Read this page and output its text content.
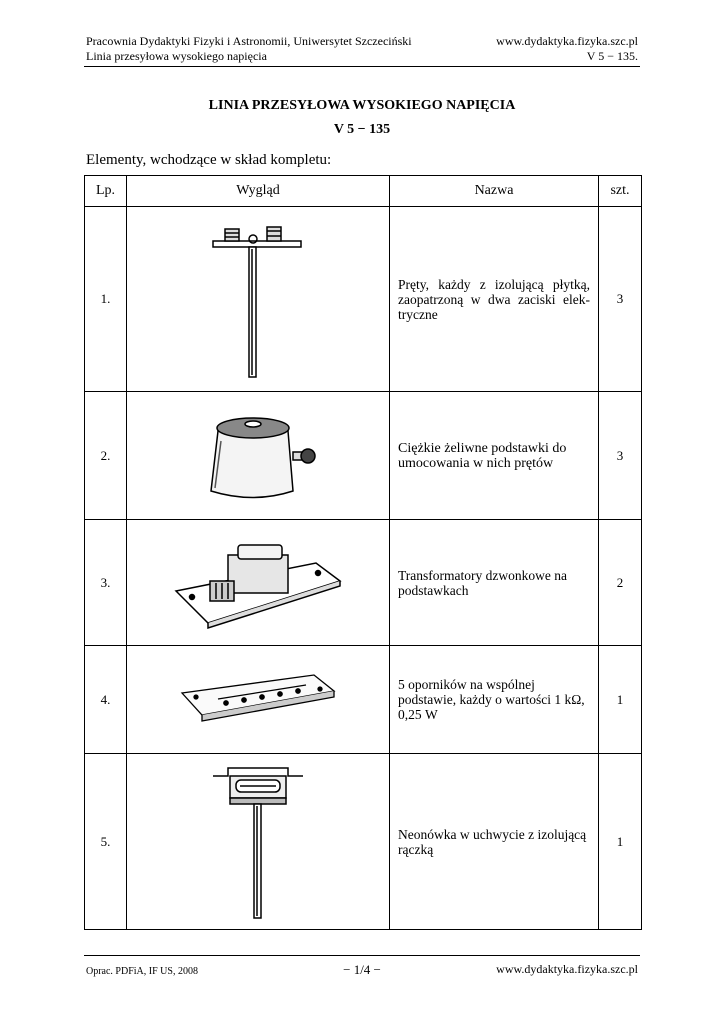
Pracownia Dydaktyki Fizyki i Astronomii, Uniwersytet Szczeciński
Linia przesyłowa wysokiego napięcia
www.dydaktyka.fizyka.szc.pl
V 5 − 135.
LINIA PRZESYŁOWA WYSOKIEGO NAPIĘCIA
V 5 − 135
Elementy, wchodzące w skład kompletu:
Lp.	Wygląd	Nazwa	szt.
1.		Pręty, każdy z izolującą płytką, zaopatrzoną w dwa zaciski elek-tryczne	3
2.		Ciężkie żeliwne podstawki do umocowania w nich prętów	3
3.		Transformatory dzwonkowe na podstawkach	2
4.		5 oporników na wspólnej podstawie, każdy o wartości 1 kΩ, 0,25 W	1
5.		Neonówka w uchwycie z izolującą rączką	1
Oprac. PDFiA, IF US, 2008	− 1/4 −	www.dydaktyka.fizyka.szc.pl
